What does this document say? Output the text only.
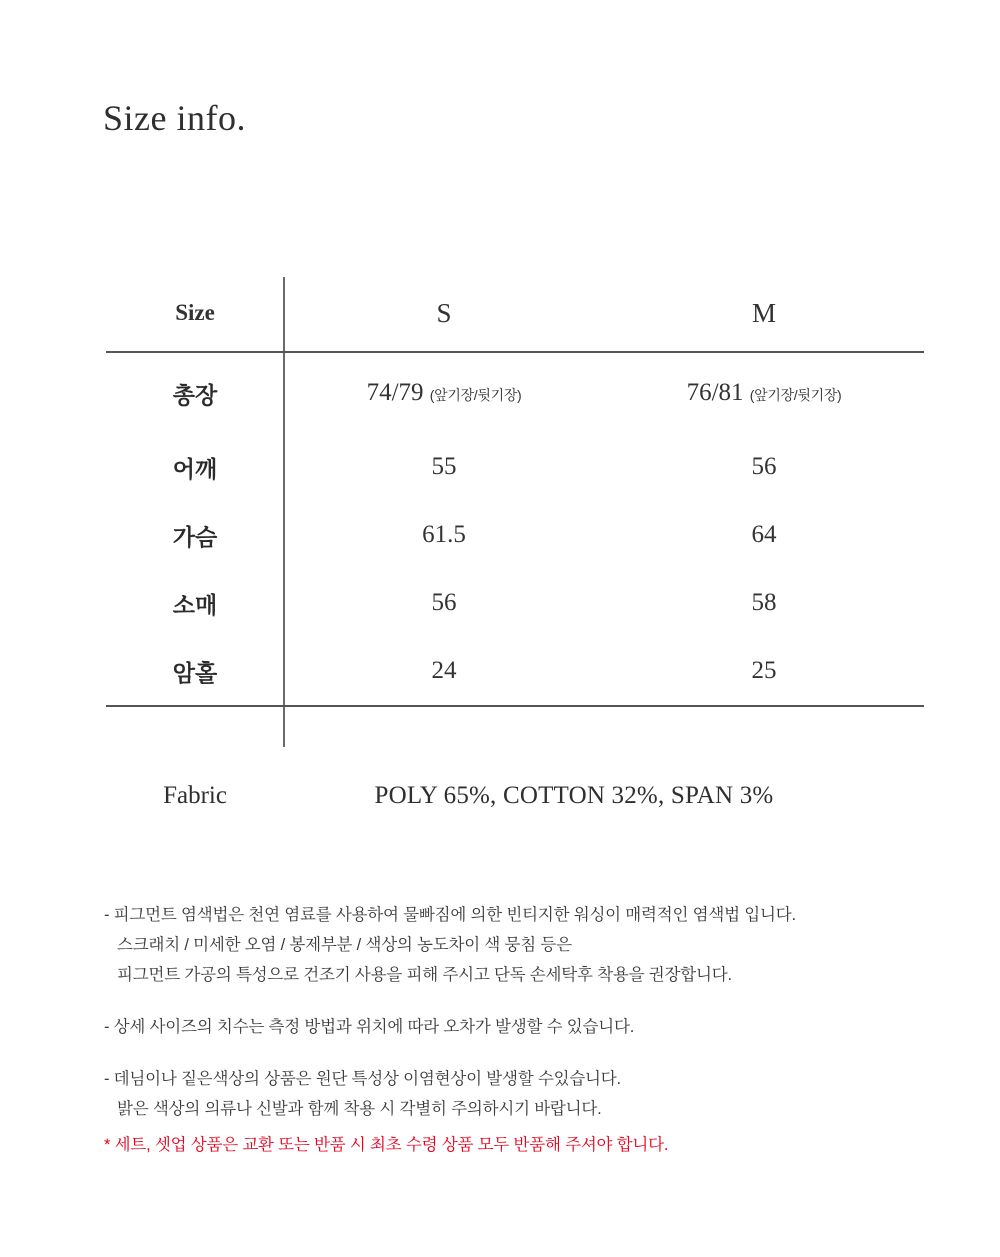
Size info.
Size	S	M

총장	74/79 (앞기장/뒷기장)	76/81 (앞기장/뒷기장)
어깨	55	56
가슴	61.5	64
소매	56	58
암홀	24	25

Fabric	POLY 65%, COTTON 32%, SPAN 3%
- 피그먼트 염색법은 천연 염료를 사용하여 물빠짐에 의한 빈티지한 워싱이 매력적인 염색법 입니다.
스크래치 / 미세한 오염 / 봉제부분 / 색상의 농도차이 색 뭉침 등은
피그먼트 가공의 특성으로 건조기 사용을 피해 주시고 단독 손세탁후 착용을 권장합니다.
- 상세 사이즈의 치수는 측정 방법과 위치에 따라 오차가 발생할 수 있습니다.
- 데님이나 짙은색상의 상품은 원단 특성상 이염현상이 발생할 수있습니다.
밝은 색상의 의류나 신발과 함께 착용 시 각별히 주의하시기 바랍니다.
* 세트, 셋업 상품은 교환 또는 반품 시 최초 수령 상품 모두 반품해 주셔야 합니다.
